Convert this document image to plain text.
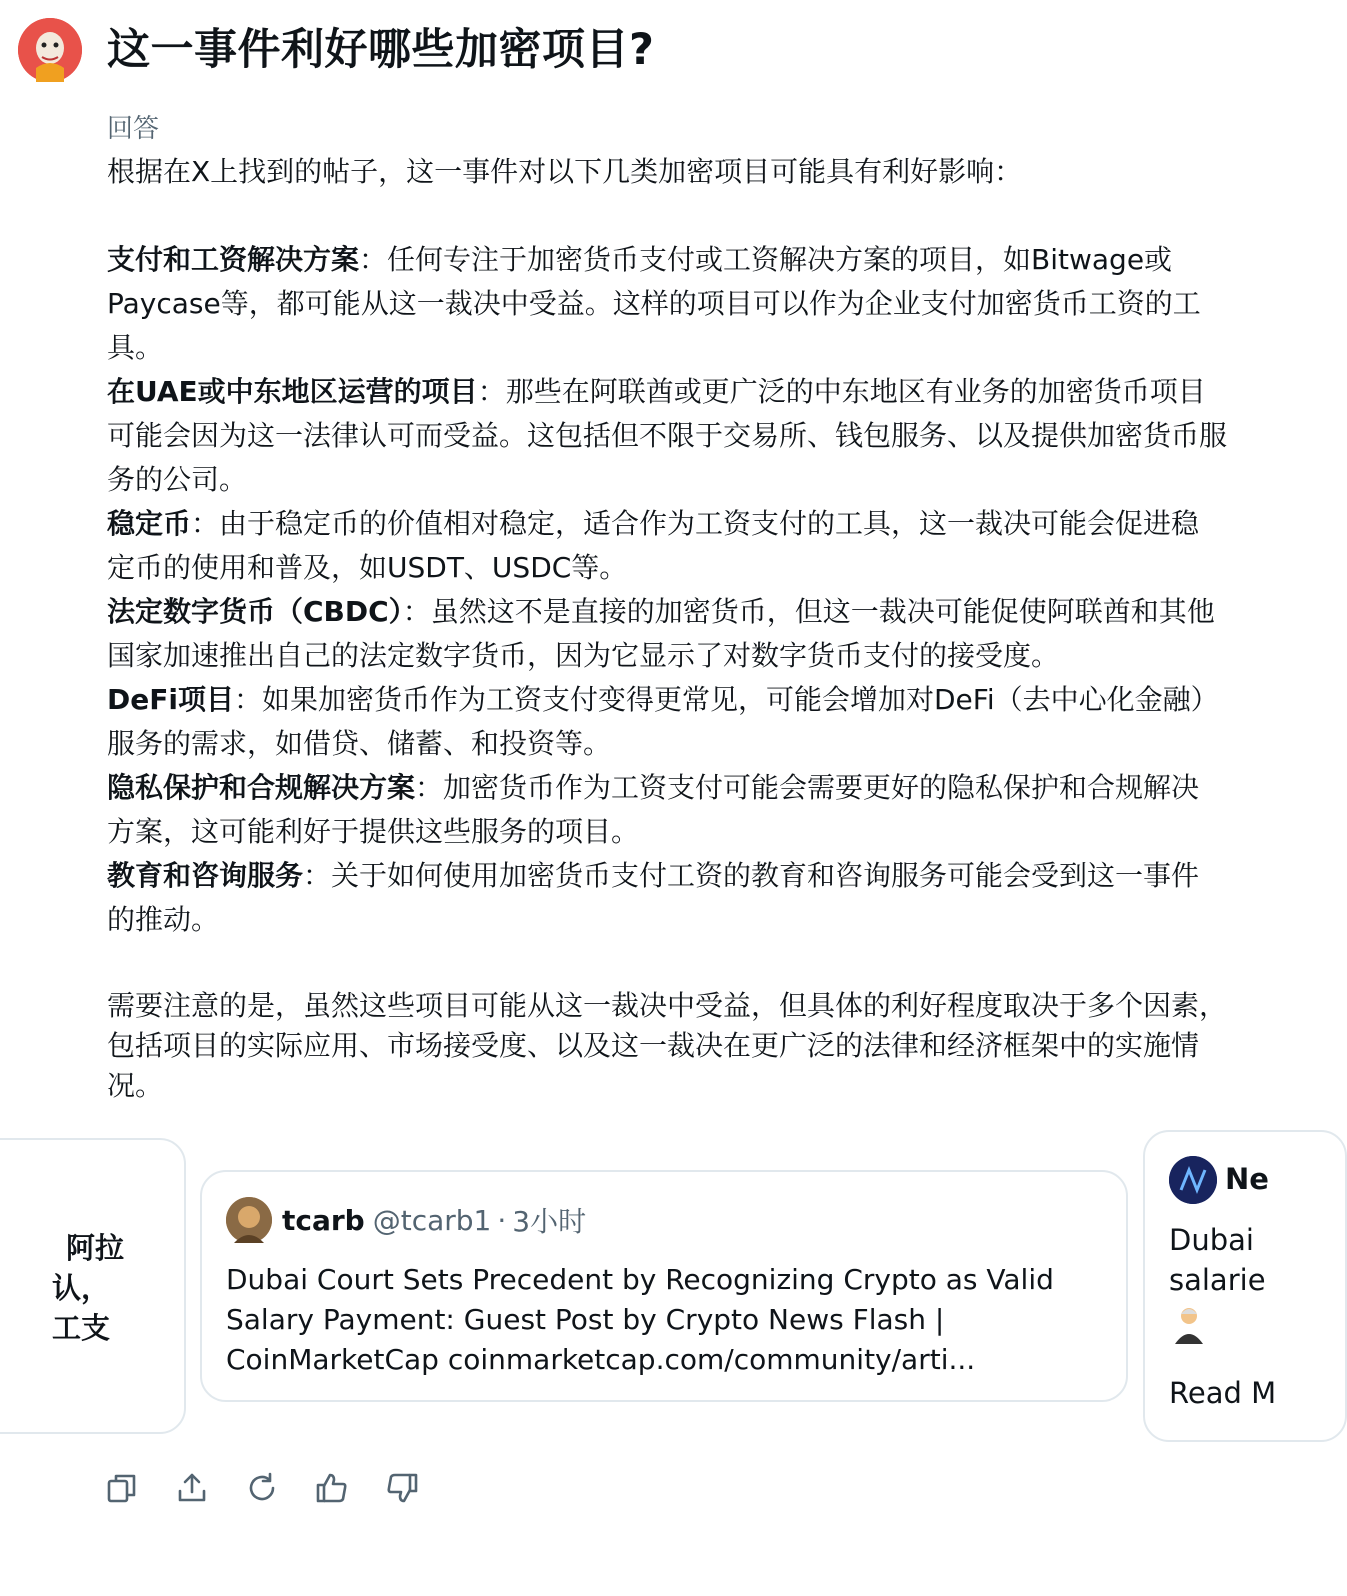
这一事件利好哪些加密项目?
回答

根据在X上找到的帖子，这一事件对以下几类加密项目可能具有利好影响：

支付和工资解决方案：任何专注于加密货币支付或工资解决方案的项目，如Bitwage或Paycase等，都可能从这一裁决中受益。这样的项目可以作为企业支付加密货币工资的工具。

在UAE或中东地区运营的项目：那些在阿联酋或更广泛的中东地区有业务的加密货币项目可能会因为这一法律认可而受益。这包括但不限于交易所、钱包服务、以及提供加密货币服务的公司。

稳定币：由于稳定币的价值相对稳定，适合作为工资支付的工具，这一裁决可能会促进稳定币的使用和普及，如USDT、USDC等。

法定数字货币（CBDC）：虽然这不是直接的加密货币，但这一裁决可能促使阿联酋和其他国家加速推出自己的法定数字货币，因为它显示了对数字货币支付的接受度。

DeFi项目：如果加密货币作为工资支付变得更常见，可能会增加对DeFi（去中心化金融）服务的需求，如借贷、储蓄、和投资等。

隐私保护和合规解决方案：加密货币作为工资支付可能会需要更好的隐私保护和合规解决方案，这可能利好于提供这些服务的项目。

教育和咨询服务：关于如何使用加密货币支付工资的教育和咨询服务可能会受到这一事件的推动。

需要注意的是，虽然这些项目可能从这一裁决中受益，但具体的利好程度取决于多个因素，包括项目的实际应用、市场接受度、以及这一裁决在更广泛的法律和经济框架中的实施情况。

阿拉
认，
工支
tcarb @tcarb1 · 3小时
Dubai Court Sets Precedent by Recognizing Crypto as Valid Salary Payment: Guest Post by Crypto News Flash | CoinMarketCap coinmarketcap.com/community/arti...
Ne
Dubai
salarie
Read M
